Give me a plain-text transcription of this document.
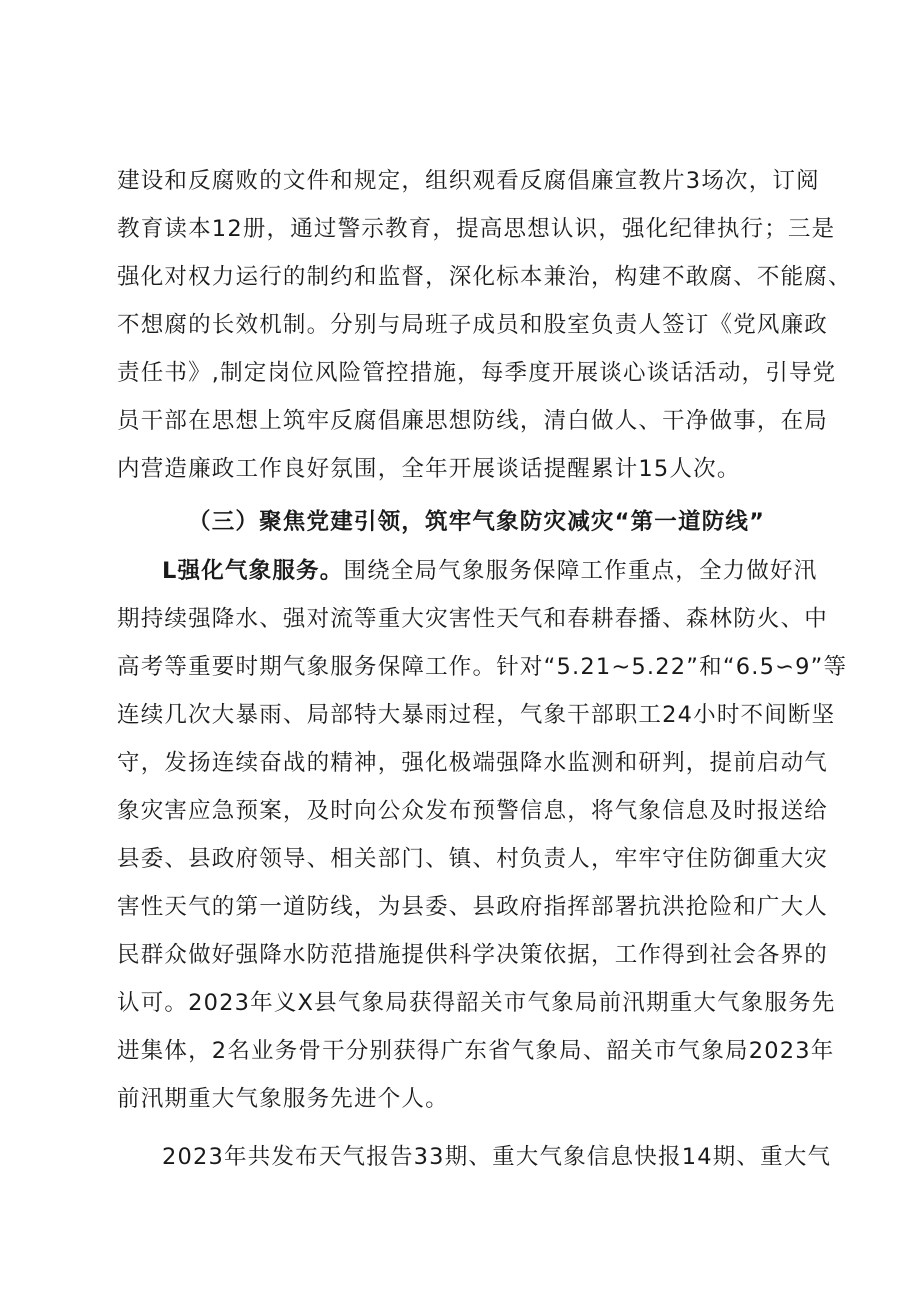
建设和反腐败的文件和规定，组织观看反腐倡廉宣教片3场次，订阅
教育读本12册，通过警示教育，提高思想认识，强化纪律执行；三是
强化对权力运行的制约和监督，深化标本兼治，构建不敢腐、不能腐、
不想腐的长效机制。分别与局班子成员和股室负责人签订《党风廉政
责任书》,制定岗位风险管控措施，每季度开展谈心谈话活动，引导党
员干部在思想上筑牢反腐倡廉思想防线，清白做人、干净做事，在局
内营造廉政工作良好氛围，全年开展谈话提醒累计15人次。
（三）聚焦党建引领，筑牢气象防灾减灾“第一道防线”
L强化气象服务。围绕全局气象服务保障工作重点，全力做好汛
期持续强降水、强对流等重大灾害性天气和春耕春播、森林防火、中
高考等重要时期气象服务保障工作。针对“5.21~5.22”和“6.5∽9”等
连续几次大暴雨、局部特大暴雨过程，气象干部职工24小时不间断坚
守，发扬连续奋战的精神，强化极端强降水监测和研判，提前启动气
象灾害应急预案，及时向公众发布预警信息，将气象信息及时报送给
县委、县政府领导、相关部门、镇、村负责人，牢牢守住防御重大灾
害性天气的第一道防线，为县委、县政府指挥部署抗洪抢险和广大人
民群众做好强降水防范措施提供科学决策依据，工作得到社会各界的
认可。2023年义X县气象局获得韶关市气象局前汛期重大气象服务先
进集体，2名业务骨干分别获得广东省气象局、韶关市气象局2023年
前汛期重大气象服务先进个人。
2023年共发布天气报告33期、重大气象信息快报14期、重大气
